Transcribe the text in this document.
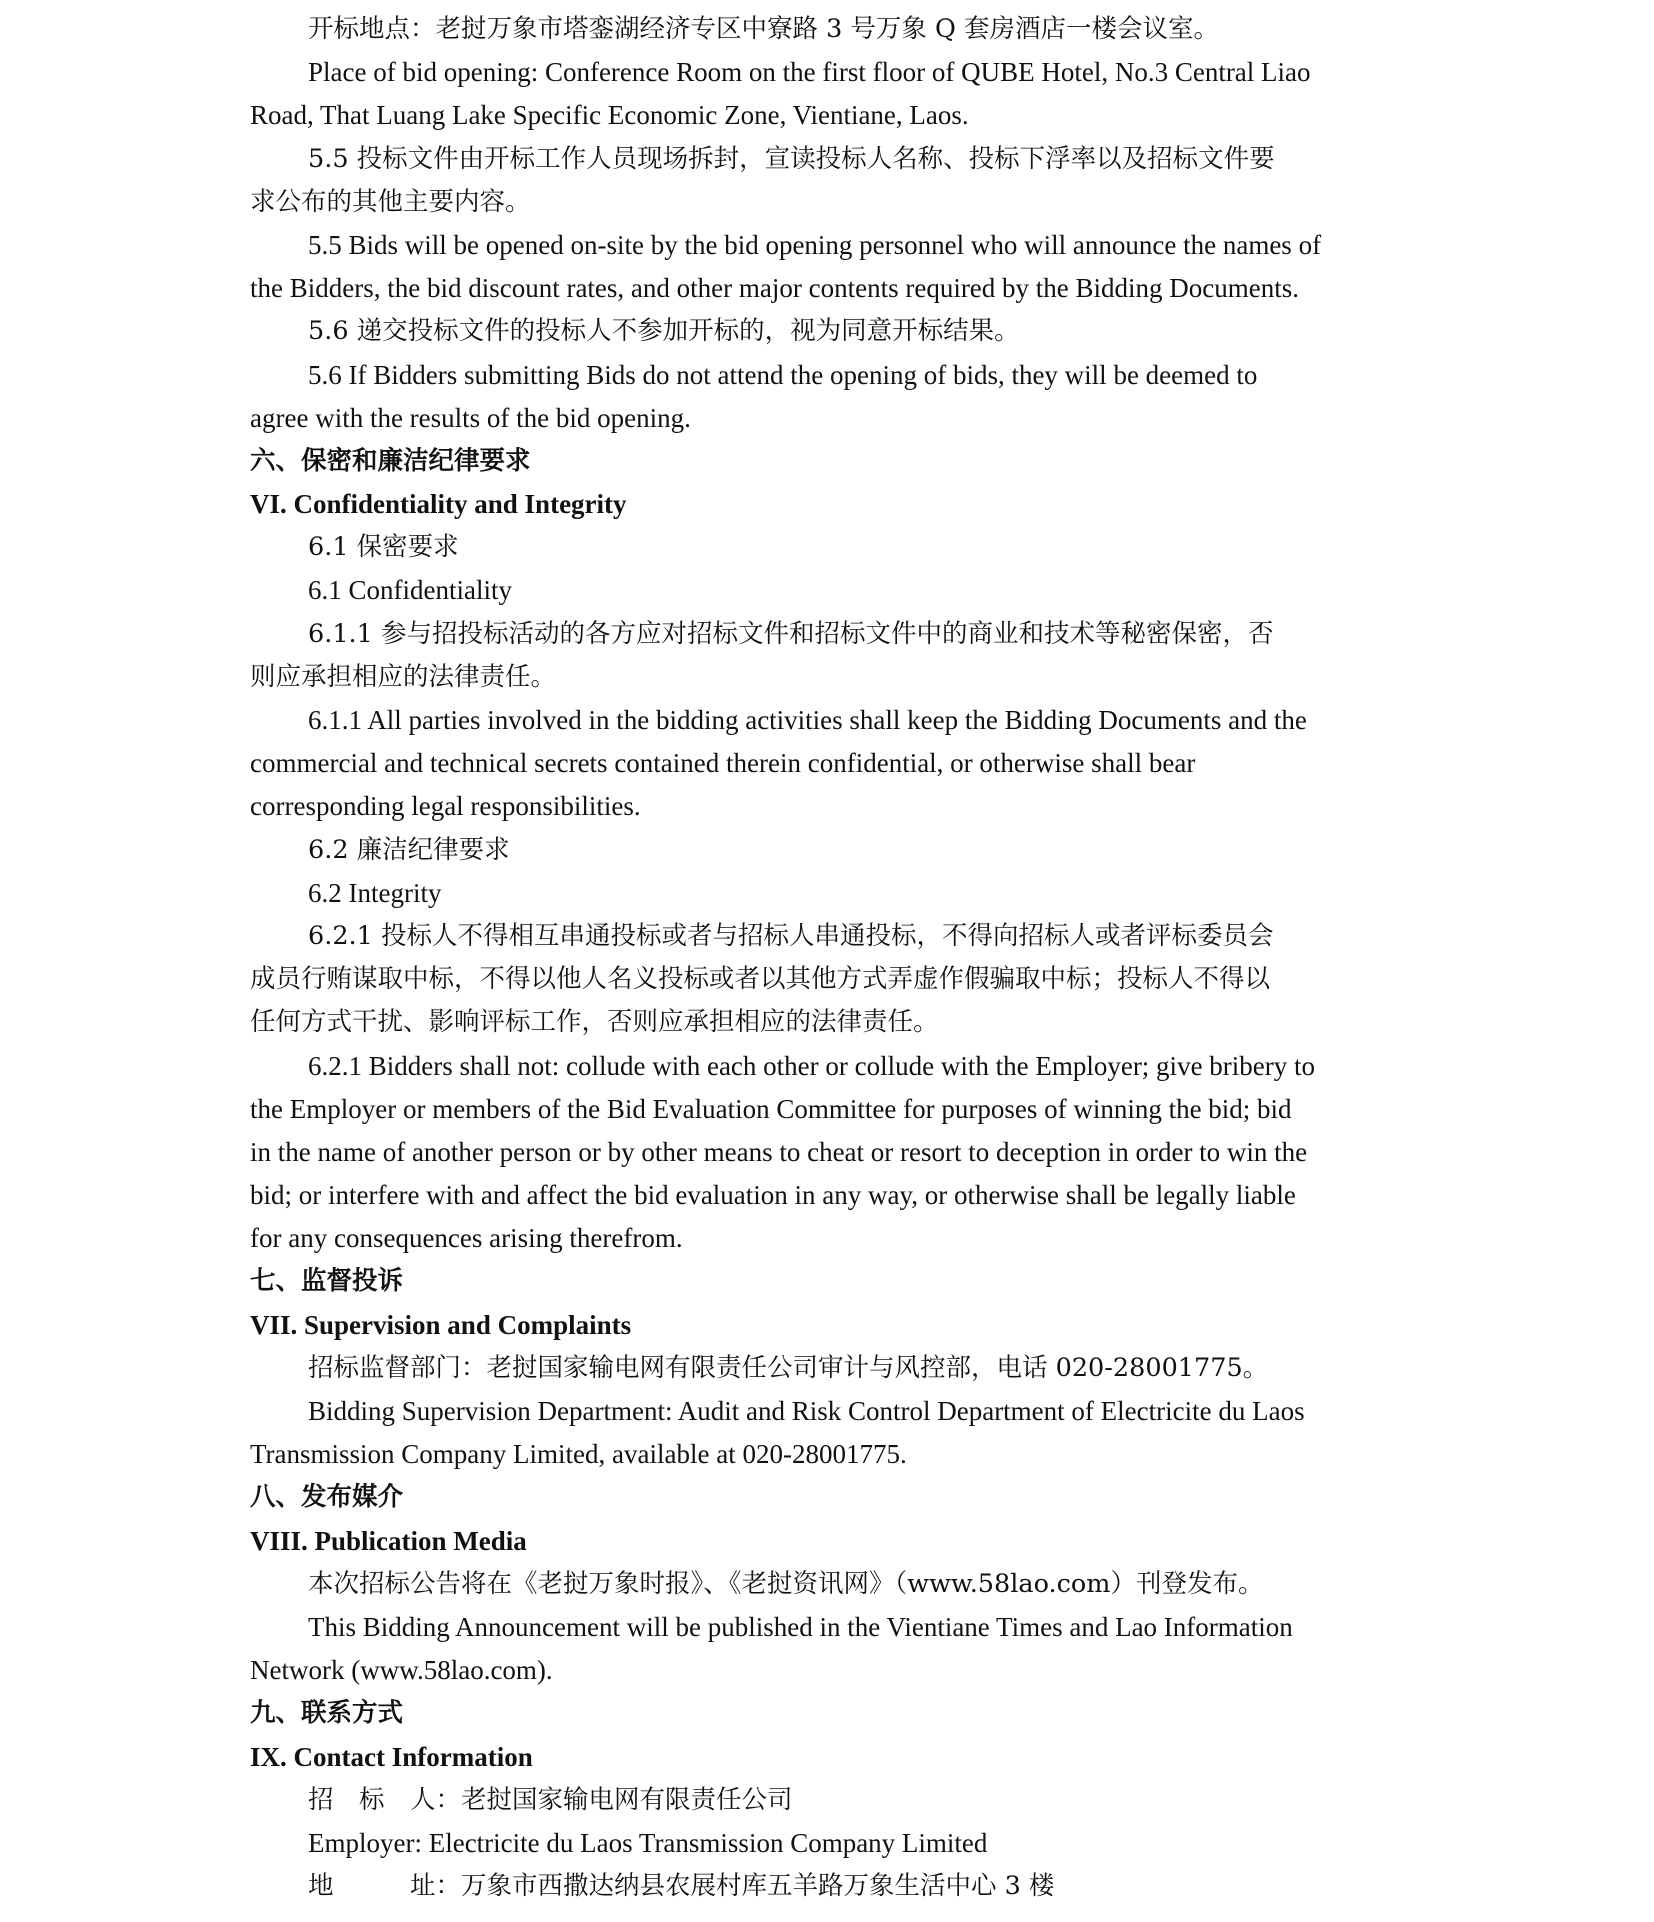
开标地点：老挝万象市塔銮湖经济专区中寮路 3 号万象 Q 套房酒店一楼会议室。
Place of bid opening: Conference Room on the first floor of QUBE Hotel, No.3 Central Liao
Road, That Luang Lake Specific Economic Zone, Vientiane, Laos.
5.5 投标文件由开标工作人员现场拆封，宣读投标人名称、投标下浮率以及招标文件要
求公布的其他主要内容。
5.5 Bids will be opened on-site by the bid opening personnel who will announce the names of
the Bidders, the bid discount rates, and other major contents required by the Bidding Documents.
5.6 递交投标文件的投标人不参加开标的，视为同意开标结果。
5.6 If Bidders submitting Bids do not attend the opening of bids, they will be deemed to
agree with the results of the bid opening.
六、保密和廉洁纪律要求
VI. Confidentiality and Integrity
6.1 保密要求
6.1 Confidentiality
6.1.1 参与招投标活动的各方应对招标文件和招标文件中的商业和技术等秘密保密，否
则应承担相应的法律责任。
6.1.1 All parties involved in the bidding activities shall keep the Bidding Documents and the
commercial and technical secrets contained therein confidential, or otherwise shall bear
corresponding legal responsibilities.
6.2 廉洁纪律要求
6.2 Integrity
6.2.1 投标人不得相互串通投标或者与招标人串通投标，不得向招标人或者评标委员会
成员行贿谋取中标，不得以他人名义投标或者以其他方式弄虚作假骗取中标；投标人不得以
任何方式干扰、影响评标工作，否则应承担相应的法律责任。
6.2.1 Bidders shall not: collude with each other or collude with the Employer; give bribery to
the Employer or members of the Bid Evaluation Committee for purposes of winning the bid; bid
in the name of another person or by other means to cheat or resort to deception in order to win the
bid; or interfere with and affect the bid evaluation in any way, or otherwise shall be legally liable
for any consequences arising therefrom.
七、监督投诉
VII. Supervision and Complaints
招标监督部门：老挝国家输电网有限责任公司审计与风控部，电话 020-28001775。
Bidding Supervision Department: Audit and Risk Control Department of Electricite du Laos
Transmission Company Limited, available at 020-28001775.
八、发布媒介
VIII. Publication Media
本次招标公告将在《老挝万象时报》、《老挝资讯网》（www.58lao.com）刊登发布。
This Bidding Announcement will be published in the Vientiane Times and Lao Information
Network (www.58lao.com).
九、联系方式
IX. Contact Information
招　标　人：老挝国家输电网有限责任公司
Employer: Electricite du Laos Transmission Company Limited
地　　　址：万象市西撒达纳县农展村库五羊路万象生活中心 3 楼
